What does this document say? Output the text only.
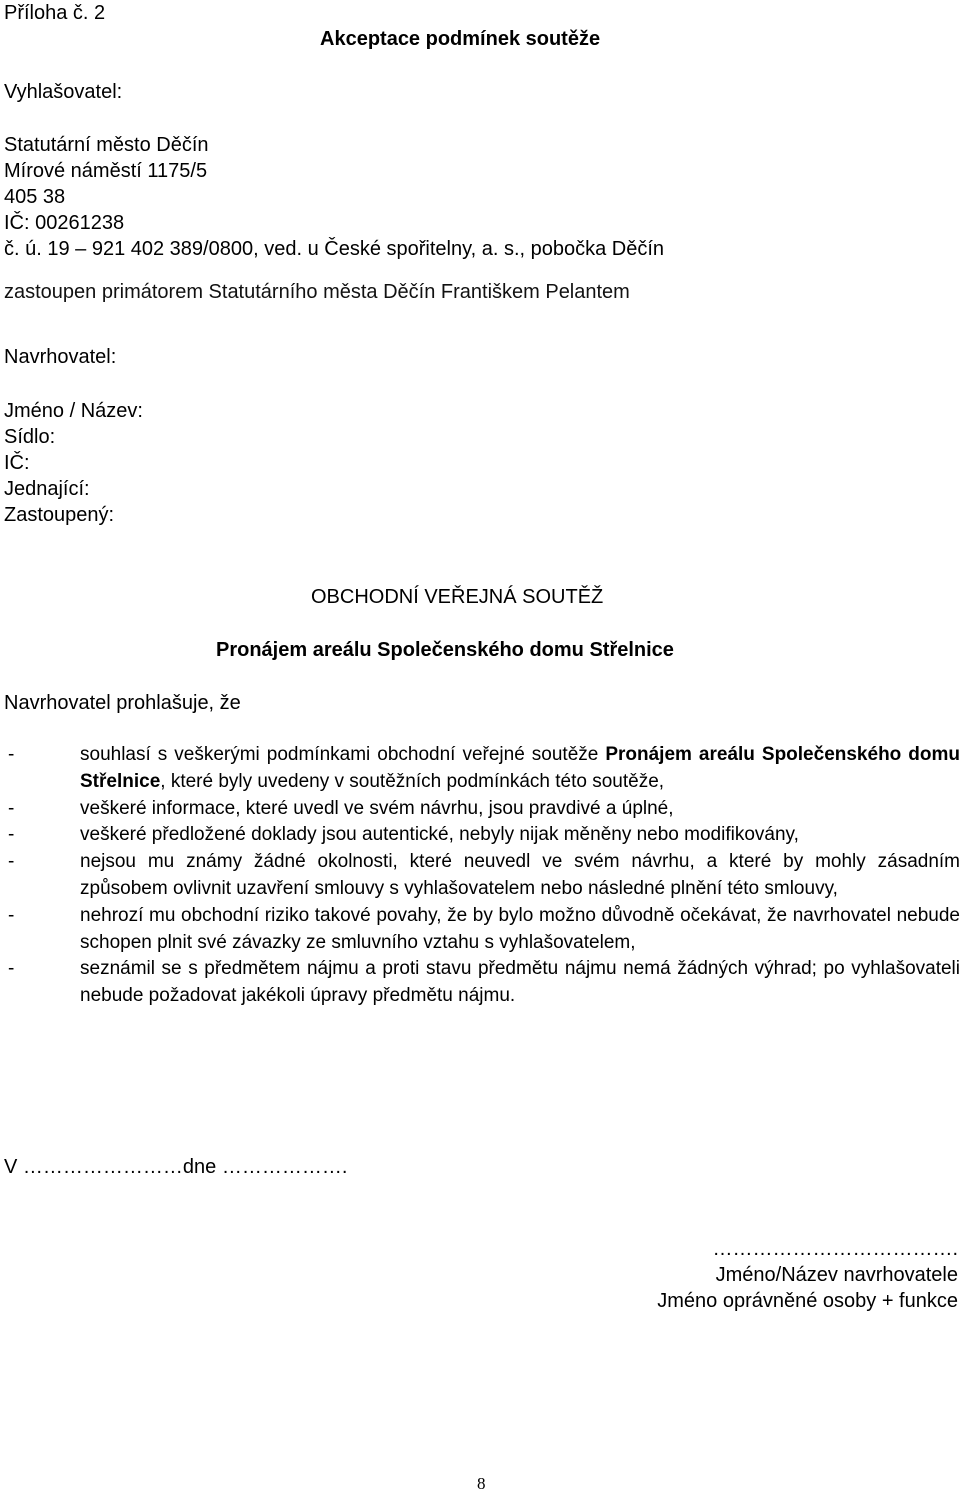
Příloha č. 2
Akceptace podmínek soutěže
Vyhlašovatel:
Statutární město Děčín
Mírové náměstí 1175/5
405 38
IČ: 00261238
č. ú. 19 – 921 402 389/0800, ved. u České spořitelny, a. s., pobočka Děčín
zastoupen primátorem Statutárního města Děčín Františkem Pelantem
Navrhovatel:
Jméno / Název:
Sídlo:
IČ:
Jednající:
Zastoupený:
OBCHODNÍ VEŘEJNÁ SOUTĚŽ
Pronájem areálu Společenského domu Střelnice
Navrhovatel prohlašuje, že
-	souhlasí s veškerými podmínkami obchodní veřejné soutěže Pronájem areálu Společenského domu Střelnice, které byly uvedeny v soutěžních podmínkách této soutěže,
-	veškeré informace, které uvedl ve svém návrhu, jsou pravdivé a úplné,
-	veškeré předložené doklady jsou autentické, nebyly nijak měněny nebo modifikovány,
-	nejsou mu známy žádné okolnosti, které neuvedl ve svém návrhu, a které by mohly zásadním způsobem ovlivnit uzavření smlouvy s vyhlašovatelem nebo následné plnění této smlouvy,
-	nehrozí mu obchodní riziko takové povahy, že by bylo možno důvodně očekávat, že navrhovatel nebude schopen plnit své závazky ze smluvního vztahu s vyhlašovatelem,
-	seznámil se s předmětem nájmu a proti stavu předmětu nájmu nemá žádných výhrad; po vyhlašovateli nebude požadovat jakékoli úpravy předmětu nájmu.
V ……………………dne ……………….
……………………………….
Jméno/Název navrhovatele
Jméno oprávněné osoby + funkce
8
